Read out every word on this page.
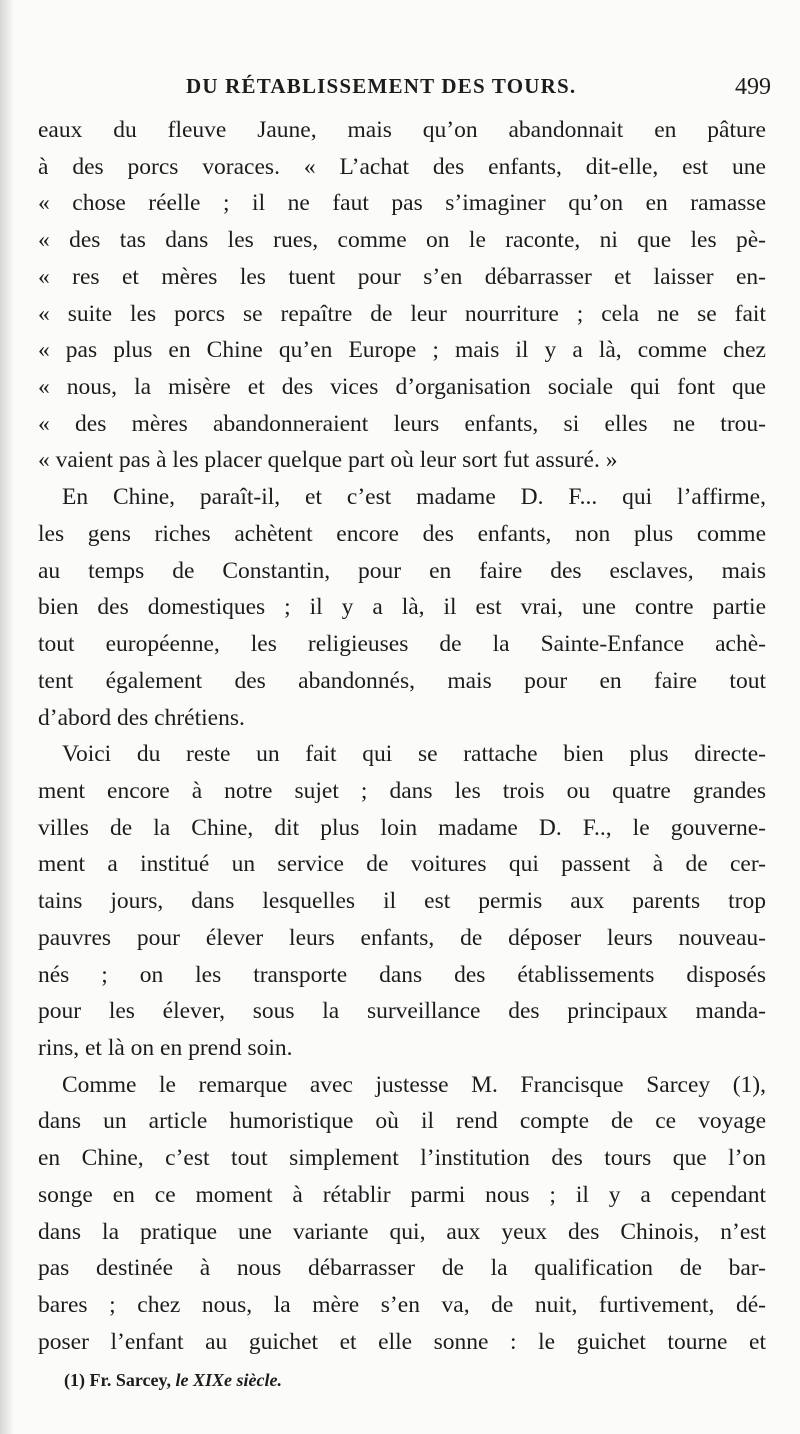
DU RÉTABLISSEMENT DES TOURS.	499
eaux du fleuve Jaune, mais qu’on abandonnait en pâture
à des porcs voraces. « L’achat des enfants, dit-elle, est une
« chose réelle ; il ne faut pas s’imaginer qu’on en ramasse
« des tas dans les rues, comme on le raconte, ni que les pè-
« res et mères les tuent pour s’en débarrasser et laisser en-
« suite les porcs se repaître de leur nourriture ; cela ne se fait
« pas plus en Chine qu’en Europe ; mais il y a là, comme chez
« nous, la misère et des vices d’organisation sociale qui font que
« des mères abandonneraient leurs enfants, si elles ne trou-
« vaient pas à les placer quelque part où leur sort fut assuré. »
En Chine, paraît-il, et c’est madame D. F... qui l’affirme,
les gens riches achètent encore des enfants, non plus comme
au temps de Constantin, pour en faire des esclaves, mais
bien des domestiques ; il y a là, il est vrai, une contre partie
tout européenne, les religieuses de la Sainte-Enfance achè-
tent également des abandonnés, mais pour en faire tout
d’abord des chrétiens.
Voici du reste un fait qui se rattache bien plus directe-
ment encore à notre sujet ; dans les trois ou quatre grandes
villes de la Chine, dit plus loin madame D. F.., le gouverne-
ment a institué un service de voitures qui passent à de cer-
tains jours, dans lesquelles il est permis aux parents trop
pauvres pour élever leurs enfants, de déposer leurs nouveau-
nés ; on les transporte dans des établissements disposés
pour les élever, sous la surveillance des principaux manda-
rins, et là on en prend soin.
Comme le remarque avec justesse M. Francisque Sarcey (1),
dans un article humoristique où il rend compte de ce voyage
en Chine, c’est tout simplement l’institution des tours que l’on
songe en ce moment à rétablir parmi nous ; il y a cependant
dans la pratique une variante qui, aux yeux des Chinois, n’est
pas destinée à nous débarrasser de la qualification de bar-
bares ; chez nous, la mère s’en va, de nuit, furtivement, dé-
poser l’enfant au guichet et elle sonne : le guichet tourne et
(1) Fr. Sarcey, le XIXe siècle.
